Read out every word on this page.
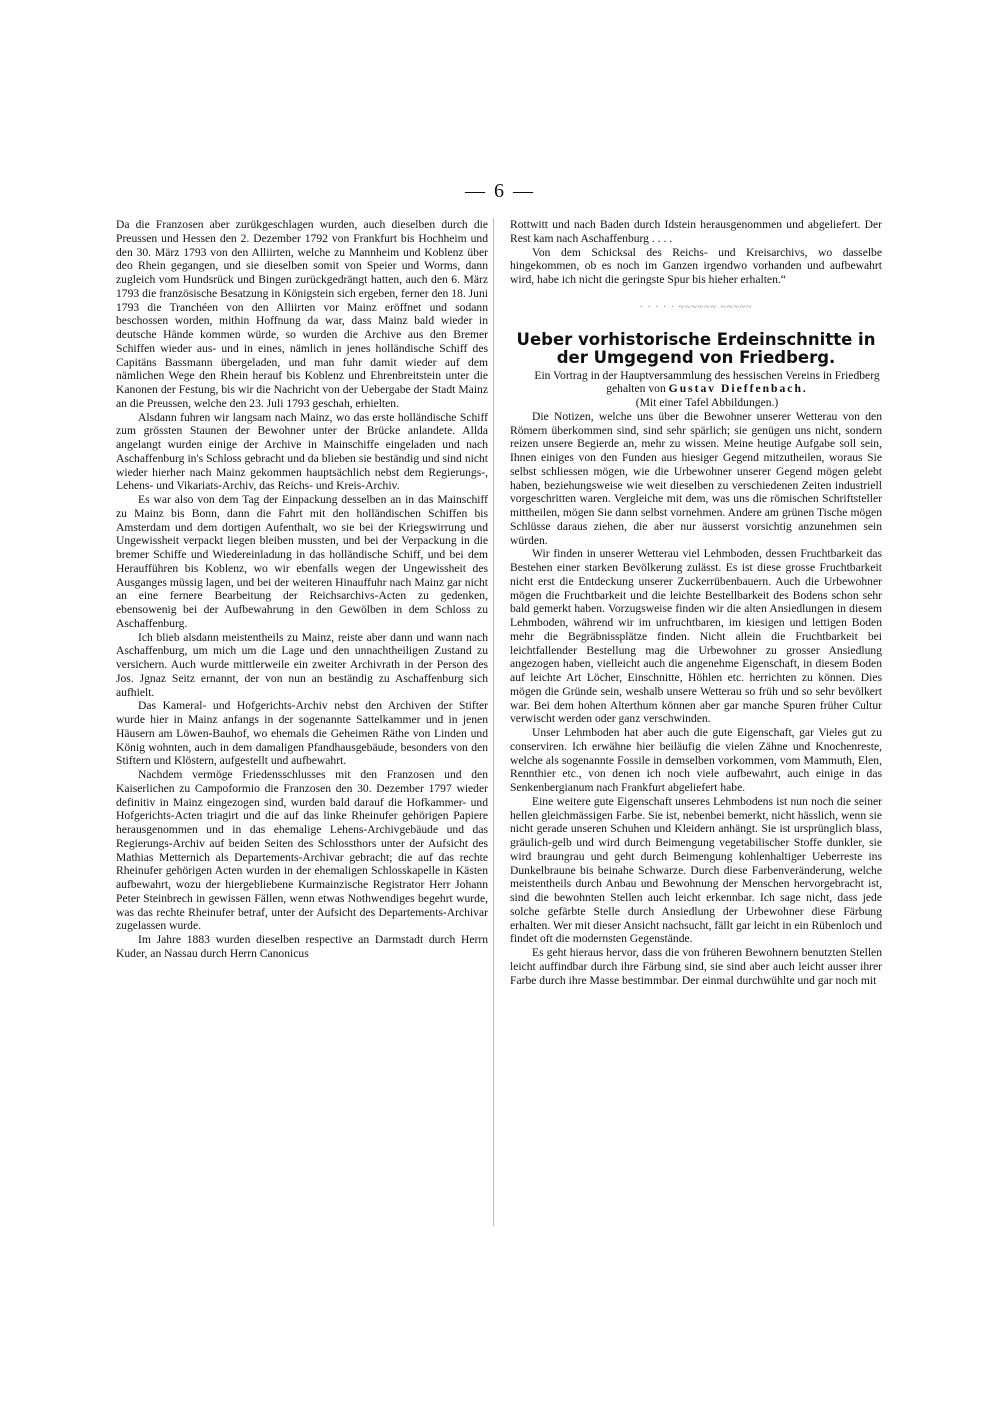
— 6 —

Da die Franzosen aber zurükgeschlagen wurden, auch dieselben durch die Preussen und Hessen den 2. Dezember 1792 von Frankfurt bis Hochheim und den 30. März 1793 von den Alliirten, welche zu Mannheim und Koblenz über deo Rhein gegangen, und sie dieselben somit von Speier und Worms, dann zugleich vom Hundsrück und Bingen zurückgedrängt hatten, auch den 6. März 1793 die französische Besatzung in Königstein sich ergeben, ferner den 18. Juni 1793 die Tranchéen von den Alliirten vor Mainz eröffnet und sodann beschossen worden, mithin Hoffnung da war, dass Mainz bald wieder in deutsche Hände kommen würde, so wurden die Archive aus den Bremer Schiffen wieder aus- und in eines, nämlich in jenes holländische Schiff des Capitäns Bassmann übergeladen, und man fuhr damit wieder auf dem nämlichen Wege den Rhein herauf bis Koblenz und Ehrenbreitstein unter die Kanonen der Festung, bis wir die Nachricht von der Uebergabe der Stadt Mainz an die Preussen, welche den 23. Juli 1793 geschah, erhielten.

Alsdann fuhren wir langsam nach Mainz, wo das erste holländische Schiff zum grössten Staunen der Bewohner unter der Brücke anlandete. Allda angelangt wurden einige der Archive in Mainschiffe eingeladen und nach Aschaffenburg in's Schloss gebracht und da blieben sie beständig und sind nicht wieder hierher nach Mainz gekommen hauptsächlich nebst dem Regierungs-, Lehens- und Vikariats-Archiv, das Reichs- und Kreis-Archiv.

Es war also von dem Tag der Einpackung desselben an in das Mainschiff zu Mainz bis Bonn, dann die Fahrt mit den holländischen Schiffen bis Amsterdam und dem dortigen Aufenthalt, wo sie bei der Kriegswirrung und Ungewissheit verpackt liegen bleiben mussten, und bei der Verpackung in die bremer Schiffe und Wiedereinladung in das holländische Schiff, und bei dem Heraufführen bis Koblenz, wo wir ebenfalls wegen der Ungewissheit des Ausganges müssig lagen, und bei der weiteren Hinauffuhr nach Mainz gar nicht an eine fernere Bearbeitung der Reichsarchivs-Acten zu gedenken, ebensowenig bei der Aufbewahrung in den Gewölben in dem Schloss zu Aschaffenburg.

Ich blieb alsdann meistentheils zu Mainz, reiste aber dann und wann nach Aschaffenburg, um mich um die Lage und den unnachtheiligen Zustand zu versichern. Auch wurde mittlerweile ein zweiter Archivrath in der Person des Jos. Jgnaz Seitz ernannt, der von nun an beständig zu Aschaffenburg sich aufhielt.

Das Kameral- und Hofgerichts-Archiv nebst den Archiven der Stifter wurde hier in Mainz anfangs in der sogenannte Sattelkammer und in jenen Häusern am Löwen-Bauhof, wo ehemals die Geheimen Räthe von Linden und König wohnten, auch in dem damaligen Pfandhausgebäude, besonders von den Stiftern und Klöstern, aufgestellt und aufbewahrt.

Nachdem vermöge Friedensschlusses mit den Franzosen und den Kaiserlichen zu Campoformio die Franzosen den 30. Dezember 1797 wieder definitiv in Mainz eingezogen sind, wurden bald darauf die Hofkammer- und Hofgerichts-Acten triagirt und die auf das linke Rheinufer gehörigen Papiere herausgenommen und in das ehemalige Lehens-Archivgebäude und das Regierungs-Archiv auf beiden Seiten des Schlossthors unter der Aufsicht des Mathias Metternich als Departements-Archivar gebracht; die auf das rechte Rheinufer gehörigen Acten wurden in der ehemaligen Schlosskapelle in Kästen aufbewahrt, wozu der hiergebliebene Kurmainzische Registrator Herr Johann Peter Steinbrech in gewissen Fällen, wenn etwas Nothwendiges begehrt wurde, was das rechte Rheinufer betraf, unter der Aufsicht des Departements-Archivar zugelassen wurde.

Im Jahre 1883 wurden dieselben respective an Darmstadt durch Herrn Kuder, an Nassau durch Herrn Canonicus

Rottwitt und nach Baden durch Idstein herausgenommen und abgeliefert. Der Rest kam nach Aschaffenburg . . . .

Von dem Schicksal des Reichs- und Kreisarchivs, wo dasselbe hingekommen, ob es noch im Ganzen irgendwo vorhanden und aufbewahrt wird, habe ich nicht die geringste Spur bis hieher erhalten.“

· · · · · ~~~~~~ ~~~~~
Ueber vorhistorische Erdeinschnitte in der Umgegend von Friedberg.

Ein Vortrag in der Hauptversammlung des hessischen Vereins in Friedberg

gehalten von Gustav Dieffenbach.

(Mit einer Tafel Abbildungen.)

Die Notizen, welche uns über die Bewohner unserer Wetterau von den Römern überkommen sind, sind sehr spärlich; sie genügen uns nicht, sondern reizen unsere Begierde an, mehr zu wissen. Meine heutige Aufgabe soll sein, Ihnen einiges von den Funden aus hiesiger Gegend mitzutheilen, woraus Sie selbst schliessen mögen, wie die Urbewohner unserer Gegend mögen gelebt haben, beziehungsweise wie weit dieselben zu verschiedenen Zeiten industriell vorgeschritten waren. Vergleiche mit dem, was uns die römischen Schriftsteller mittheilen, mögen Sie dann selbst vornehmen. Andere am grünen Tische mögen Schlüsse daraus ziehen, die aber nur äusserst vorsichtig anzunehmen sein würden.

Wir finden in unserer Wetterau viel Lehmboden, dessen Fruchtbarkeit das Bestehen einer starken Bevölkerung zulässt. Es ist diese grosse Fruchtbarkeit nicht erst die Entdeckung unserer Zuckerrübenbauern. Auch die Urbewohner mögen die Fruchtbarkeit und die leichte Bestellbarkeit des Bodens schon sehr bald gemerkt haben. Vorzugsweise finden wir die alten Ansiedlungen in diesem Lehmboden, während wir im unfruchtbaren, im kiesigen und lettigen Boden mehr die Begräbnissplätze finden. Nicht allein die Fruchtbarkeit bei leichtfallender Bestellung mag die Urbewohner zu grosser Ansiedlung angezogen haben, vielleicht auch die angenehme Eigenschaft, in diesem Boden auf leichte Art Löcher, Einschnitte, Höhlen etc. herrichten zu können. Dies mögen die Gründe sein, weshalb unsere Wetterau so früh und so sehr bevölkert war. Bei dem hohen Alterthum können aber gar manche Spuren früher Cultur verwischt werden oder ganz verschwinden.

Unser Lehmboden hat aber auch die gute Eigenschaft, gar Vieles gut zu conserviren. Ich erwähne hier beiläufig die vielen Zähne und Knochenreste, welche als sogenannte Fossile in demselben vorkommen, vom Mammuth, Elen, Rennthier etc., von denen ich noch viele aufbewahrt, auch einige in das Senkenbergianum nach Frankfurt abgeliefert habe.

Eine weitere gute Eigenschaft unseres Lehmbodens ist nun noch die seiner hellen gleichmässigen Farbe. Sie ist, nebenbei bemerkt, nicht hässlich, wenn sie nicht gerade unseren Schuhen und Kleidern anhängt. Sie ist ursprünglich blass, gräulich-gelb und wird durch Beimengung vegetabilischer Stoffe dunkler, sie wird braungrau und geht durch Beimengung kohlenhaltiger Ueberreste ins Dunkelbraune bis beinahe Schwarze. Durch diese Farbenveränderung, welche meistentheils durch Anbau und Bewohnung der Menschen hervorgebracht ist, sind die bewohnten Stellen auch leicht erkennbar. Ich sage nicht, dass jede solche gefärbte Stelle durch Ansiedlung der Urbewohner diese Färbung erhalten. Wer mit dieser Ansicht nachsucht, fällt gar leicht in ein Rübenloch und findet oft die modernsten Gegenstände.

Es geht hieraus hervor, dass die von früheren Bewohnern benutzten Stellen leicht auffindbar durch ihre Färbung sind, sie sind aber auch leicht ausser ihrer Farbe durch ihre Masse bestimmbar. Der einmal durchwühlte und gar noch mit
